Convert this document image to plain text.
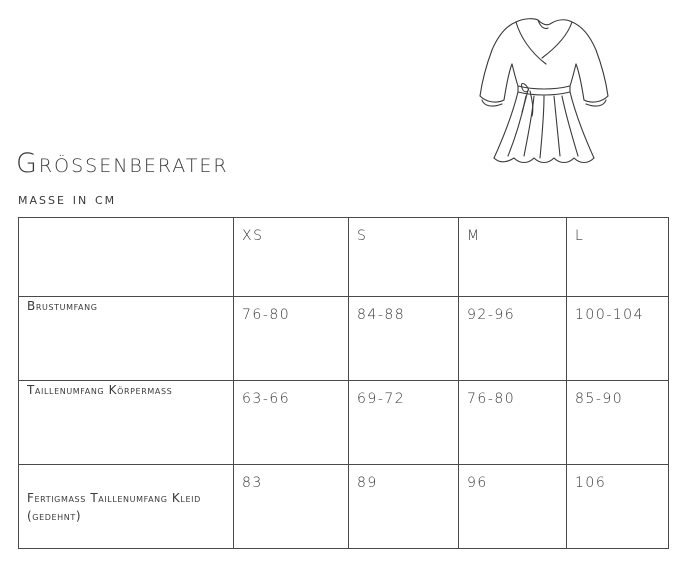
Grössenberater
masse in cm

	XS	S	M	L

Brustumfang	76-80	84-88	92-96	100-104

Taillenumfang Körpermass	63-66	69-72	76-80	85-90

Fertigmass Taillenumfang Kleid (gedehnt)	83	89	96	106
